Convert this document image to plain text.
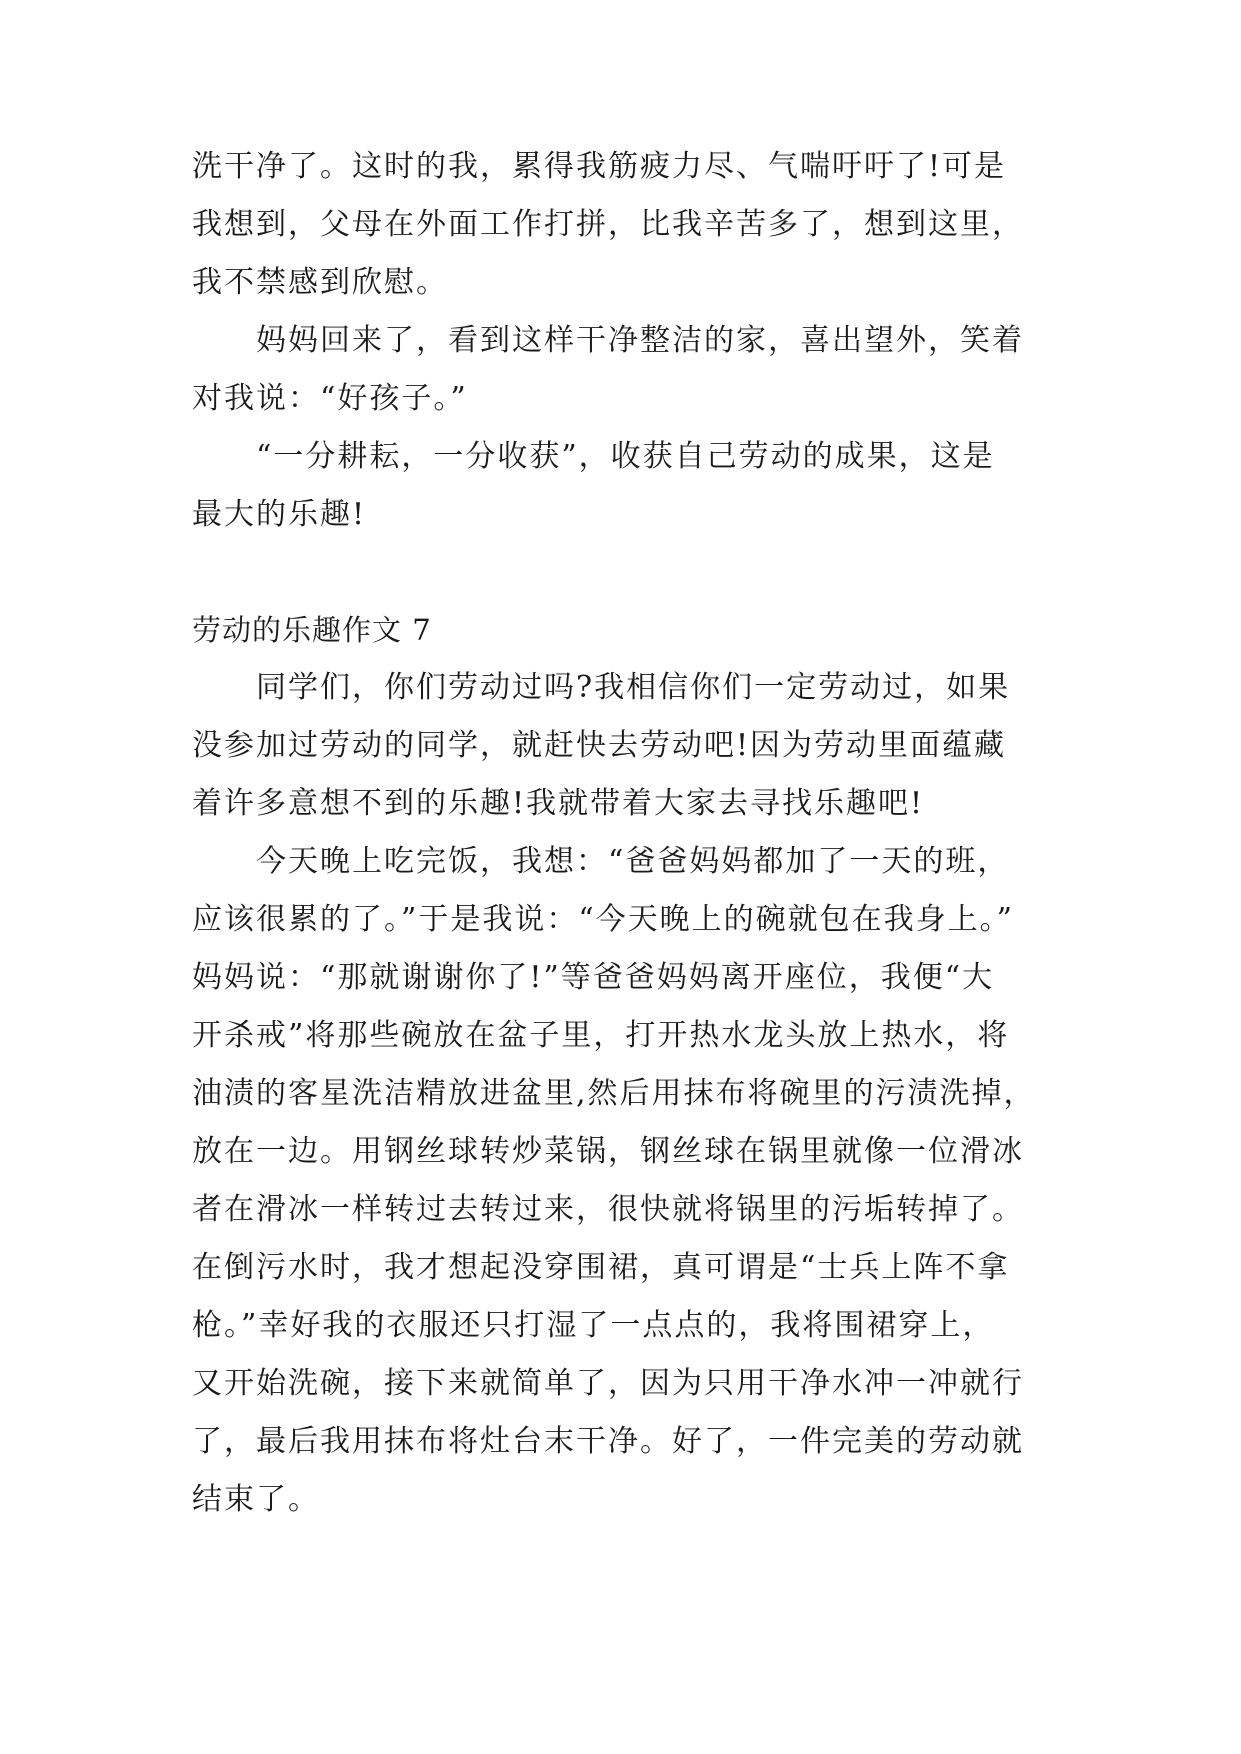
洗干净了。这时的我，累得我筋疲力尽、气喘吁吁了!可是
我想到，父母在外面工作打拼，比我辛苦多了，想到这里，
我不禁感到欣慰。
　　妈妈回来了，看到这样干净整洁的家，喜出望外，笑着
对我说：“好孩子。”
　　“一分耕耘，一分收获”，收获自己劳动的成果，这是
最大的乐趣!
劳动的乐趣作文 7
　　同学们，你们劳动过吗?我相信你们一定劳动过，如果
没参加过劳动的同学，就赶快去劳动吧!因为劳动里面蕴藏
着许多意想不到的乐趣!我就带着大家去寻找乐趣吧!
　　今天晚上吃完饭，我想：“爸爸妈妈都加了一天的班，
应该很累的了。”于是我说：“今天晚上的碗就包在我身上。”
妈妈说：“那就谢谢你了!”等爸爸妈妈离开座位，我便“大
开杀戒”将那些碗放在盆子里，打开热水龙头放上热水，将
油渍的客星洗洁精放进盆里,然后用抹布将碗里的污渍洗掉，
放在一边。用钢丝球转炒菜锅，钢丝球在锅里就像一位滑冰
者在滑冰一样转过去转过来，很快就将锅里的污垢转掉了。
在倒污水时，我才想起没穿围裙，真可谓是“士兵上阵不拿
枪。”幸好我的衣服还只打湿了一点点的，我将围裙穿上，
又开始洗碗，接下来就简单了，因为只用干净水冲一冲就行
了，最后我用抹布将灶台末干净。好了，一件完美的劳动就
结束了。
